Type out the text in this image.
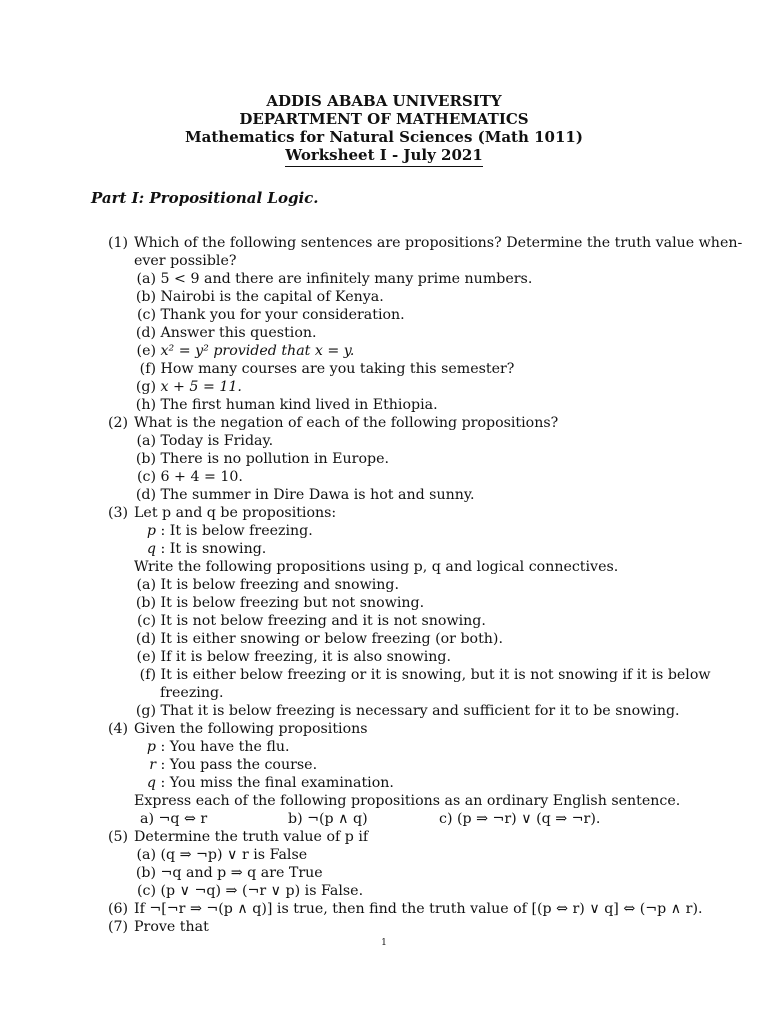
ADDIS ABABA UNIVERSITY
DEPARTMENT OF MATHEMATICS
Mathematics for Natural Sciences (Math 1011)
Worksheet I - July 2021
Part I: Propositional Logic.
(1) Which of the following sentences are propositions? Determine the truth value when-
ever possible?
(a) 5 < 9 and there are infinitely many prime numbers.
(b) Nairobi is the capital of Kenya.
(c) Thank you for your consideration.
(d) Answer this question.
(e) x² = y² provided that x = y.
(f) How many courses are you taking this semester?
(g) x + 5 = 11.
(h) The first human kind lived in Ethiopia.
(2) What is the negation of each of the following propositions?
(a) Today is Friday.
(b) There is no pollution in Europe.
(c) 6 + 4 = 10.
(d) The summer in Dire Dawa is hot and sunny.
(3) Let p and q be propositions:
p : It is below freezing.
q : It is snowing.
Write the following propositions using p, q and logical connectives.
(a) It is below freezing and snowing.
(b) It is below freezing but not snowing.
(c) It is not below freezing and it is not snowing.
(d) It is either snowing or below freezing (or both).
(e) If it is below freezing, it is also snowing.
(f) It is either below freezing or it is snowing, but it is not snowing if it is below
freezing.
(g) That it is below freezing is necessary and sufficient for it to be snowing.
(4) Given the following propositions
p : You have the flu.
r : You pass the course.
q : You miss the final examination.
Express each of the following propositions as an ordinary English sentence.
a) ¬q ⇔ r	b) ¬(p ∧ q)	c) (p ⇒ ¬r) ∨ (q ⇒ ¬r).
(5) Determine the truth value of p if
(a) (q ⇒ ¬p) ∨ r is False
(b) ¬q and p ⇒ q are True
(c) (p ∨ ¬q) ⇒ (¬r ∨ p) is False.
(6) If ¬[¬r ⇒ ¬(p ∧ q)] is true, then find the truth value of [(p ⇔ r) ∨ q] ⇔ (¬p ∧ r).
(7) Prove that
1
